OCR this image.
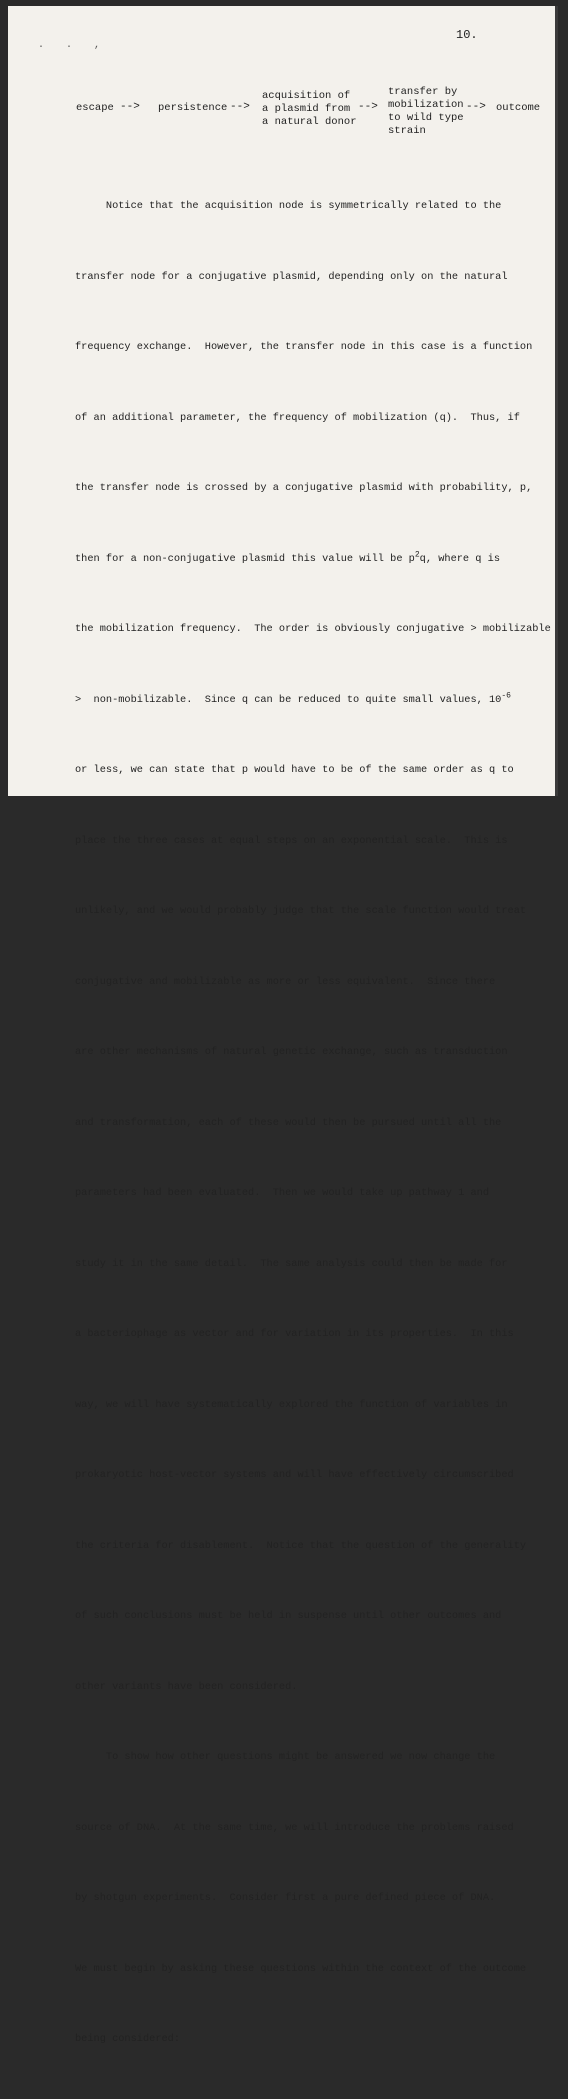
10.
. . ,
escape --> persistence -->
acquisition of
a plasmid from
a natural donor
-->
transfer by
mobilization
to wild type
strain
--> outcome

Notice that the acquisition node is symmetrically related to the

transfer node for a conjugative plasmid, depending only on the natural

frequency exchange.  However, the transfer node in this case is a function

of an additional parameter, the frequency of mobilization (q).  Thus, if

the transfer node is crossed by a conjugative plasmid with probability, p,

then for a non-conjugative plasmid this value will be $p^2q$, where q is

the mobilization frequency.  The order is obviously conjugative > mobilizable

>  non-mobilizable.  Since q can be reduced to quite small values, $10^{-6}$

or less, we can state that p would have to be of the same order as q to

place the three cases at equal steps on an exponential scale.  This is

unlikely, and we would probably judge that the scale function would treat

conjugative and mobilizable as more or less equivalent.  Since there

are other mechanisms of natural genetic exchange, such as transduction

and transformation, each of these would then be pursued until all the

parameters had been evaluated.  Then we would take up pathway 1 and

study it in the same detail.  The same analysis could then be made for

a bacteriophage as vector and for variation in its properties.  In this

way, we will have systematically explored the function of variables in

prokaryotic host-vector systems and will have effectively circumscribed

the criteria for disablement.  Notice that the question of the generality

of such conclusions must be held in suspense until other outcomes and

other variants have been considered.

To show how other questions might be answered we now change the

source of DNA.  At the same time, we will introduce the problems raised

by shotgun experiments.  Consider first a pure defined piece of DNA.

We must begin by asking these questions within the context of the outcome

being considered:
